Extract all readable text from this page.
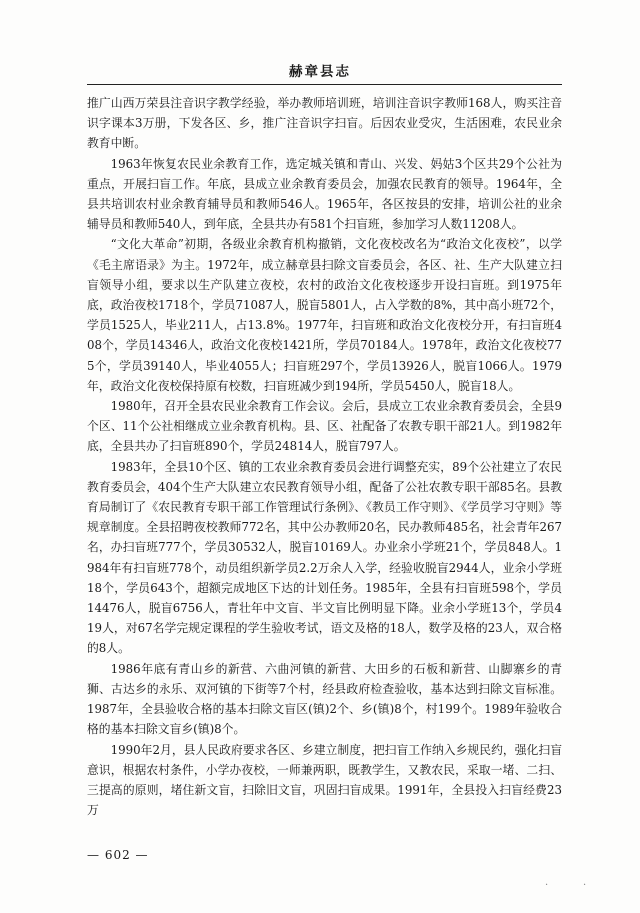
赫章县志

推广山西万荣县注音识字教学经验，举办教师培训班，培训注音识字教师168人，购买注音识字课本3万册，下发各区、乡，推广注音识字扫盲。后因农业受灾，生活困难，农民业余教育中断。

1963年恢复农民业余教育工作，选定城关镇和青山、兴发、妈姑3个区共29个公社为重点，开展扫盲工作。年底，县成立业余教育委员会，加强农民教育的领导。1964年，全县共培训农村业余教育辅导员和教师546人。1965年，各区按县的安排，培训公社的业余辅导员和教师540人，到年底，全县共办有581个扫盲班，参加学习人数11208人。

“文化大革命”初期，各级业余教育机构撤销，文化夜校改名为“政治文化夜校”，以学《毛主席语录》为主。1972年，成立赫章县扫除文盲委员会，各区、社、生产大队建立扫盲领导小组，要求以生产队建立夜校，农村的政治文化夜校逐步开设扫盲班。到1975年底，政治夜校1718个，学员71087人，脱盲5801人，占入学数的8%，其中高小班72个，学员1525人，毕业211人，占13.8%。1977年，扫盲班和政治文化夜校分开，有扫盲班408个，学员14346人，政治文化夜校1421所，学员70184人。1978年，政治文化夜校775个，学员39140人，毕业4055人；扫盲班297个，学员13926人，脱盲1066人。1979年，政治文化夜校保持原有校数，扫盲班减少到194所，学员5450人，脱盲18人。

1980年，召开全县农民业余教育工作会议。会后，县成立工农业余教育委员会，全县9个区、11个公社相继成立业余教育机构。县、区、社配备了农教专职干部21人。到1982年底，全县共办了扫盲班890个，学员24814人，脱盲797人。

1983年，全县10个区、镇的工农业余教育委员会进行调整充实，89个公社建立了农民教育委员会，404个生产大队建立农民教育领导小组，配备了公社农教专职干部85名。县教育局制订了《农民教育专职干部工作管理试行条例》、《教员工作守则》、《学员学习守则》等规章制度。全县招聘夜校教师772名，其中公办教师20名，民办教师485名，社会青年267名，办扫盲班777个，学员30532人，脱盲10169人。办业余小学班21个，学员848人。1984年有扫盲班778个，动员组织新学员2.2万余人入学，经验收脱盲2944人，业余小学班18个，学员643个，超额完成地区下达的计划任务。1985年，全县有扫盲班598个，学员14476人，脱盲6756人，青壮年中文盲、半文盲比例明显下降。业余小学班13个，学员419人，对67名学完规定课程的学生验收考试，语文及格的18人，数学及格的23人，双合格的8人。

1986年底有青山乡的新营、六曲河镇的新营、大田乡的石板和新营、山脚寨乡的青狮、古达乡的永乐、双河镇的下街等7个村，经县政府检查验收，基本达到扫除文盲标准。1987年，全县验收合格的基本扫除文盲区(镇)2个、乡(镇)8个，村199个。1989年验收合格的基本扫除文盲乡(镇)8个。

1990年2月，县人民政府要求各区、乡建立制度，把扫盲工作纳入乡规民约，强化扫盲意识，根据农村条件，小学办夜校，一师兼两职，既教学生，又教农民，采取一堵、二扫、三提高的原则，堵住新文盲，扫除旧文盲，巩固扫盲成果。1991年，全县投入扫盲经费23万

— 602 —
·	·
